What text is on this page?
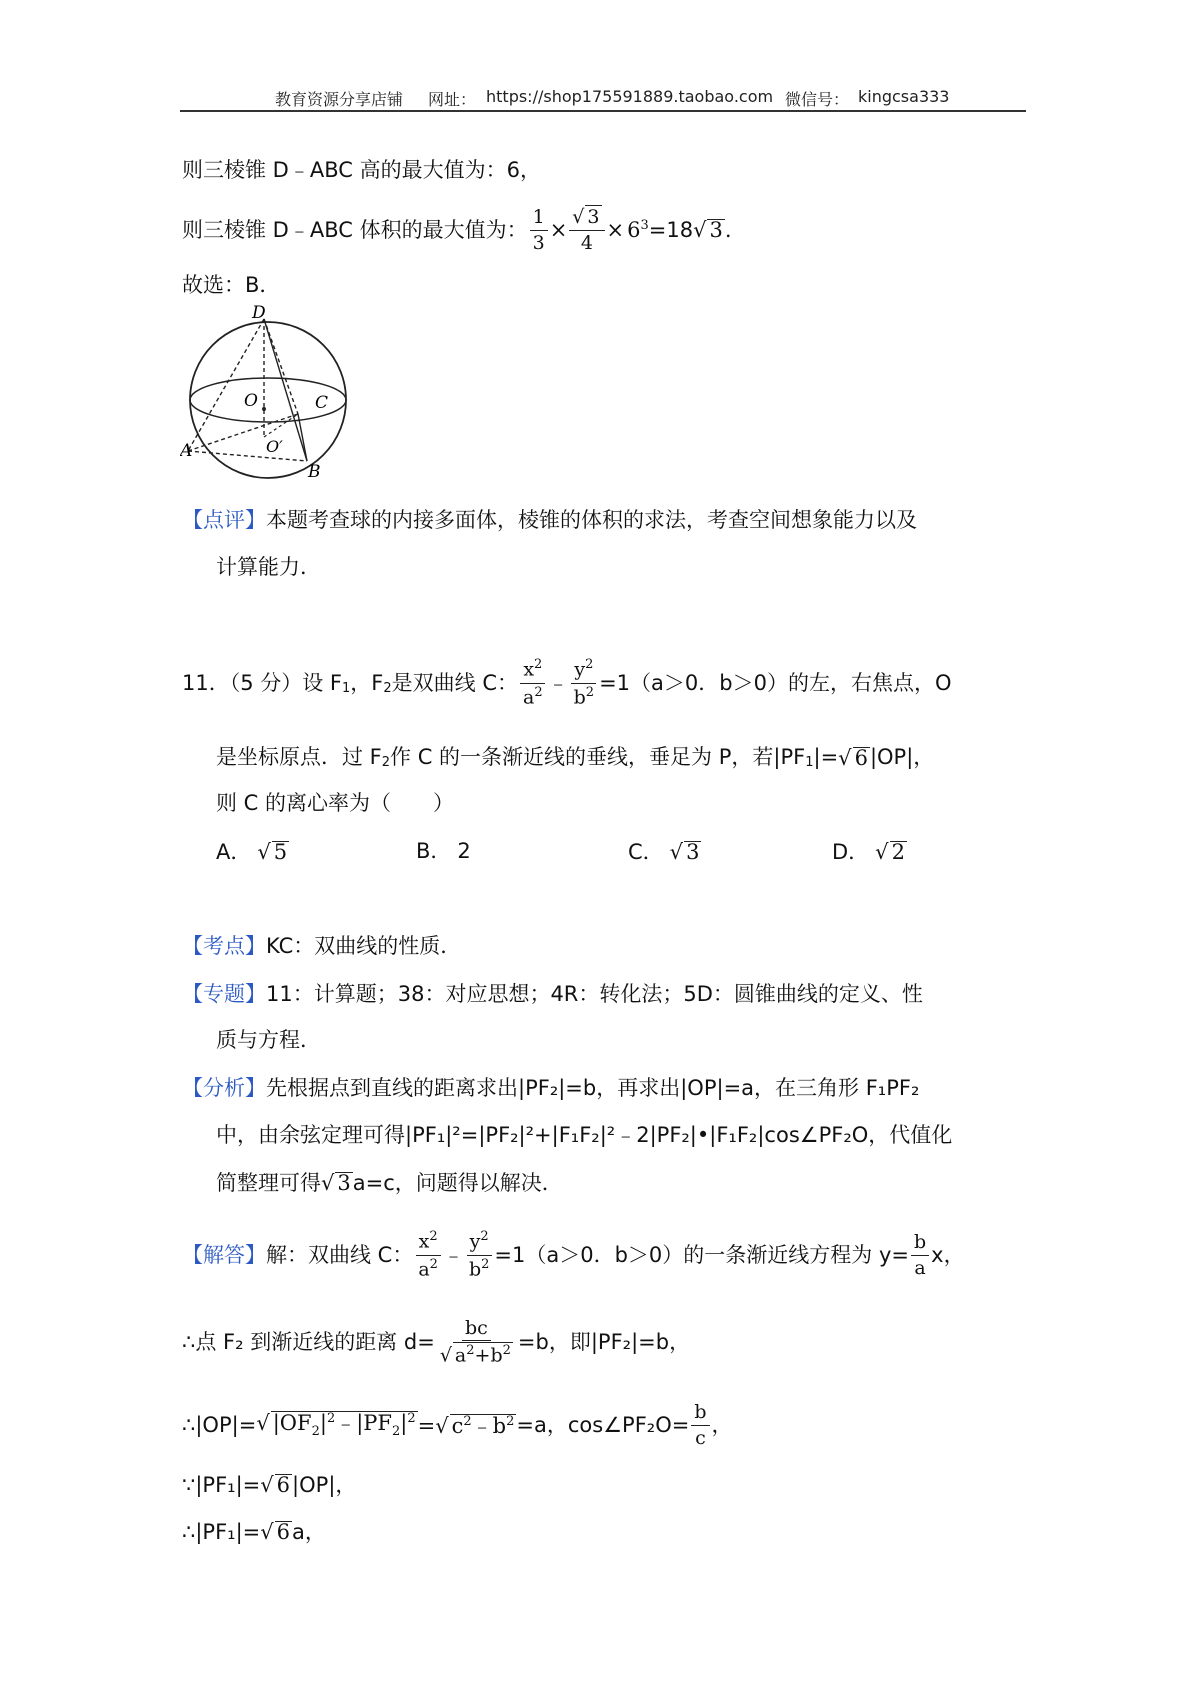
教育资源分享店铺 网址： https://shop175591889.taobao.com 微信号： kingcsa333
则三棱锥 D﹣ABC 高的最大值为：6，
则三棱锥 D﹣ABC 体积的最大值为： $\frac{1}{3} \times \frac{√ 3}{4} \times 6^3 =18$ √ 3.
故选：B．
D
O	C
O′
A
B
【点评】本题考查球的内接多面体，棱锥的体积的求法，考查空间想象能力以及
计算能力．
11．（5 分）设 $F_1$ ，$F_2$ 是双曲线 C： $\frac{x^2}{a^2}$ ﹣ $\frac{y^2}{b^2} =1(a>0$．b＞0）的左，右焦点，O
是坐标原点．过 $F_2$ 作 C 的一条渐近线的垂线，垂足为 P，若$|PF_1$ |= √ 6 |OP|，
则 C 的离心率为（　　）
A． √ 5	B． 2	C． √ 3	D． √ 2
【考点】KC：双曲线的性质．
【专题】11：计算题；38：对应思想；4R：转化法；5D：圆锥曲线的定义、性
质与方程．
【分析】先根据点到直线的距离求出|PF₂|=b，再求出|OP|=a，在三角形 F₁PF₂
中，由余弦定理可得|PF₁|²=|PF₂|²+|F₁F₂|²﹣2|PF₂|•|F₁F₂|cos∠PF₂O，代值化
简整理可得√ 3a=c，问题得以解决．
【解答】 解：双曲线 C： $\frac{x^2}{a^2}$ ﹣ $\frac{y^2}{b^2} =1(a>0$．b＞0）的一条渐近线方程为 $y= \frac{b}{a}$ x，
∴点 F₂ 到渐近线的距离 $d= \frac{bc}{√ a^2+b^2} =b$，即|PF₂|=b，
∴|OP|= √ $|OF_2|^2﹣|PF_2|^2$ =√ $c^2﹣b^2 =a$，cos∠PF₂O= $\frac{b}{c}$ ，
∵|PF₁|= √ 6 |OP|，
∴|PF₁|= √ 6 a，
